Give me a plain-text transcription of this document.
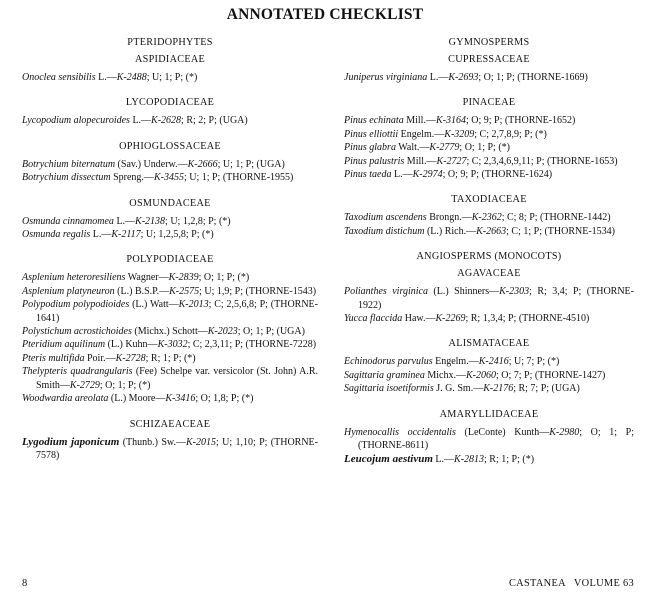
ANNOTATED CHECKLIST
PTERIDOPHYTES
ASPIDIACEAE

Onoclea sensibilis L.—K-2488; U; 1; P; (*)

LYCOPODIACEAE

Lycopodium alopecuroides L.—K-2628; R; 2; P; (UGA)

OPHIOGLOSSACEAE

Botrychium biternatum (Sav.) Underw.—K-2666; U; 1; P; (UGA)

Botrychium dissectum Spreng.—K-3455; U; 1; P; (THORNE-1955)

OSMUNDACEAE

Osmunda cinnamomea L.—K-2138; U; 1,2,8; P; (*)

Osmunda regalis L.—K-2117; U; 1,2,5,8; P; (*)

POLYPODIACEAE

Asplenium heteroresiliens Wagner—K-2839; O; 1; P; (*)

Asplenium platyneuron (L.) B.S.P.—K-2575; U; 1,9; P; (THORNE-1543)

Polypodium polypodioides (L.) Watt—K-2013; C; 2,5,6,8; P; (THORNE-1641)

Polystichum acrostichoides (Michx.) Schott—K-2023; O; 1; P; (UGA)

Pteridium aquilinum (L.) Kuhn—K-3032; C; 2,3,11; P; (THORNE-7228)

Pteris multifida Poir.—K-2728; R; 1; P; (*)

Thelypteris quadrangularis (Fee) Schelpe var. versicolor (St. John) A.R. Smith—K-2729; O; 1; P; (*)

Woodwardia areolata (L.) Moore—K-3416; O; 1,8; P; (*)

SCHIZAEACEAE

Lygodium japonicum (Thunb.) Sw.—K-2015; U; 1,10; P; (THORNE-7578)

GYMNOSPERMS
CUPRESSACEAE

Juniperus virginiana L.—K-2693; O; 1; P; (THORNE-1669)

PINACEAE

Pinus echinata Mill.—K-3164; O; 9; P; (THORNE-1652)

Pinus elliottii Engelm.—K-3209; C; 2,7,8,9; P; (*)

Pinus glabra Walt.—K-2779; O; 1; P; (*)

Pinus palustris Mill.—K-2727; C; 2,3,4,6,9,11; P; (THORNE-1653)

Pinus taeda L.—K-2974; O; 9; P; (THORNE-1624)

TAXODIACEAE

Taxodium ascendens Brongn.—K-2362; C; 8; P; (THORNE-1442)

Taxodium distichum (L.) Rich.—K-2663; C; 1; P; (THORNE-1534)

ANGIOSPERMS (MONOCOTS)
AGAVACEAE

Polianthes virginica (L.) Shinners—K-2303; R; 3,4; P; (THORNE-1922)

Yucca flaccida Haw.—K-2269; R; 1,3,4; P; (THORNE-4510)

ALISMATACEAE

Echinodorus parvulus Engelm.—K-2416; U; 7; P; (*)

Sagittaria graminea Michx.—K-2060; O; 7; P; (THORNE-1427)

Sagittaria isoetiformis J. G. Sm.—K-2176; R; 7; P; (UGA)

AMARYLLIDACEAE

Hymenocallis occidentalis (LeConte) Kunth—K-2980; O; 1; P; (THORNE-8611)

Leucojum aestivum L.—K-2813; R; 1; P; (*)

8	CASTANEA   VOLUME 63
